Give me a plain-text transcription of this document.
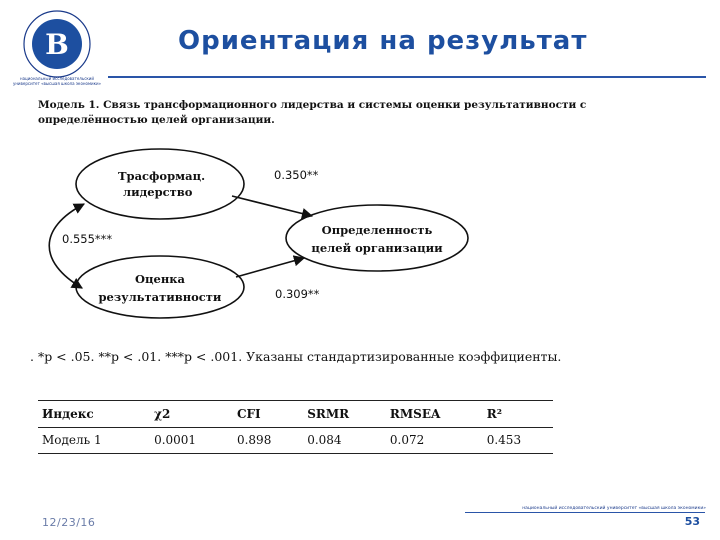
В
национальный исследовательский университет «высшая школа экономики»
Ориентация на результат
Модель 1. Связь трансформационного лидерства и системы оценки результативности с определённостью целей организации.
Трасформац.
лидерство
Оценка
результативности
Определенность
целей организации
0.350**
0.309**
0.555***
. *p < .05. **p < .01. ***p < .001. Указаны стандартизированные коэффициенты.
Индекс	χ2	CFI	SRMR	RMSEA	R²
Модель 1	0.0001	0.898	0.084	0.072	0.453
национальный исследовательский университет «высшая школа экономики»
12/23/16	53
